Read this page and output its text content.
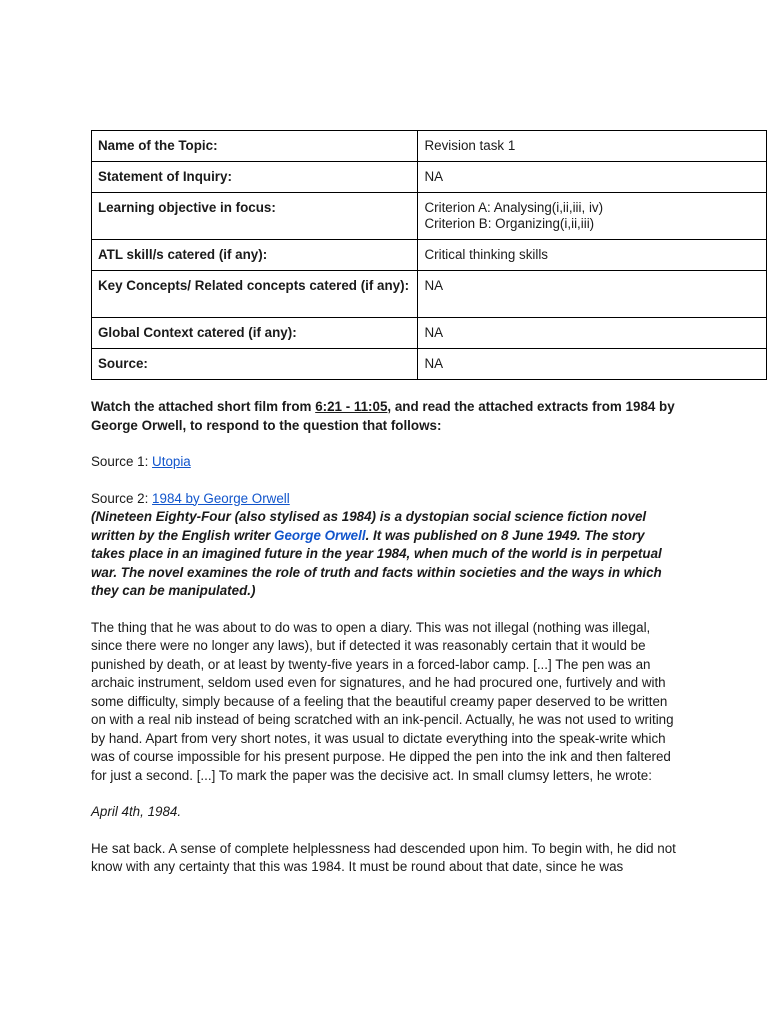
Name of the Topic:	Revision task 1
Statement of Inquiry:	NA
Learning objective in focus:	Criterion A: Analysing(i,ii,iii, iv)
Criterion B: Organizing(i,ii,iii)

ATL skill/s catered (if any):	Critical thinking skills
Key Concepts/ Related concepts catered (if any):	NA
Global Context catered (if any):	NA
Source:	NA
Watch the attached short film from 6:21 - 11:05, and read the attached extracts from 1984 by George Orwell, to respond to the question that follows:
Source 1: Utopia
Source 2: 1984 by George Orwell
(Nineteen Eighty-Four (also stylised as 1984) is a dystopian social science fiction novel written by the English writer George Orwell. It was published on 8 June 1949. The story takes place in an imagined future in the year 1984, when much of the world is in perpetual war. The novel examines the role of truth and facts within societies and the ways in which they can be manipulated.)
The thing that he was about to do was to open a diary. This was not illegal (nothing was illegal, since there were no longer any laws), but if detected it was reasonably certain that it would be punished by death, or at least by twenty-five years in a forced-labor camp. [...] The pen was an archaic instrument, seldom used even for signatures, and he had procured one, furtively and with some difficulty, simply because of a feeling that the beautiful creamy paper deserved to be written on with a real nib instead of being scratched with an ink-pencil. Actually, he was not used to writing by hand. Apart from very short notes, it was usual to dictate everything into the speak-write which was of course impossible for his present purpose. He dipped the pen into the ink and then faltered for just a second. [...] To mark the paper was the decisive act. In small clumsy letters, he wrote:
April 4th, 1984.
He sat back. A sense of complete helplessness had descended upon him. To begin with, he did not know with any certainty that this was 1984. It must be round about that date, since he was
